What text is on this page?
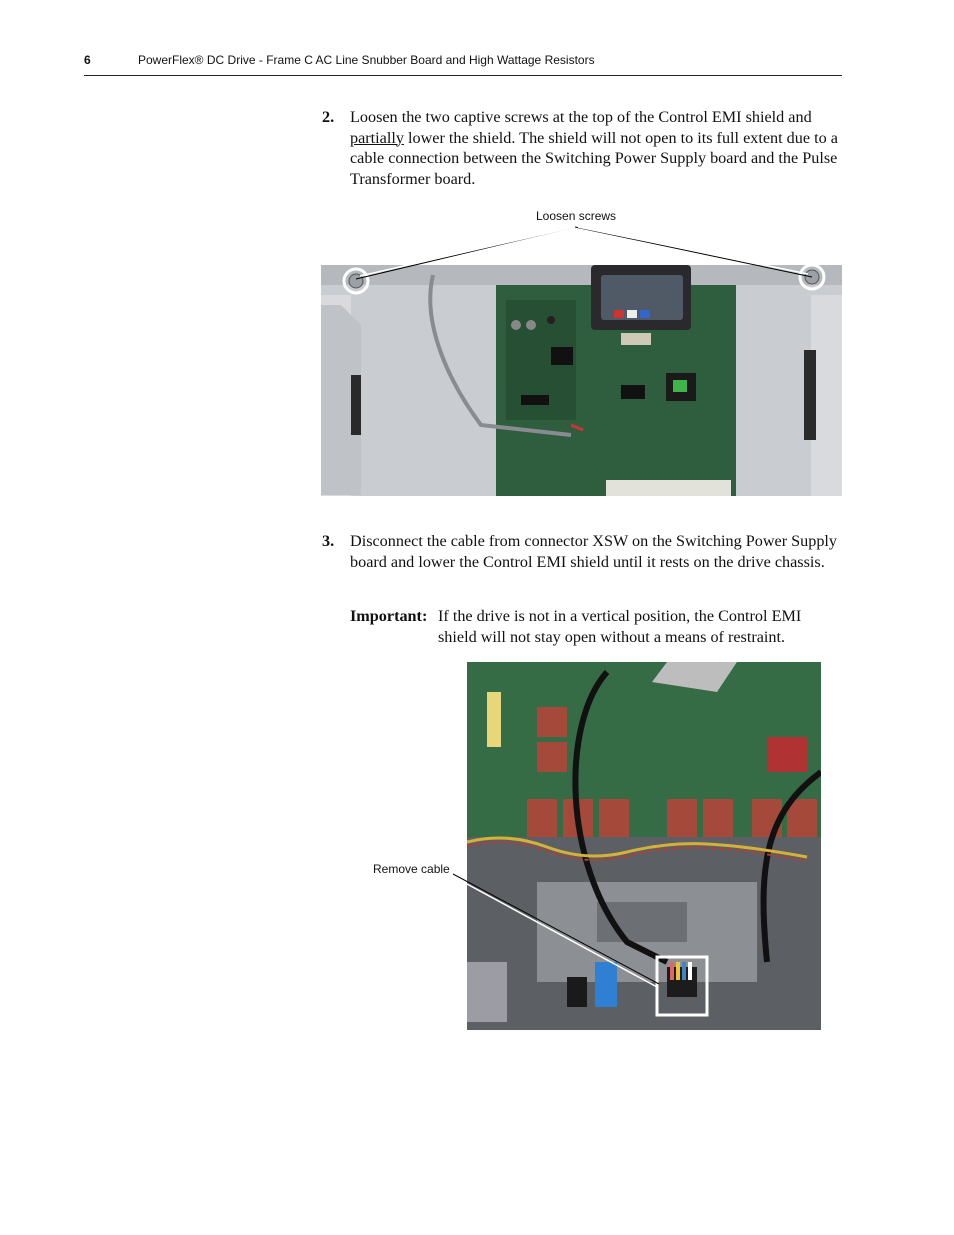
6	PowerFlex® DC Drive - Frame C AC Line Snubber Board and High Wattage Resistors
2. Loosen the two captive screws at the top of the Control EMI shield and partially lower the shield. The shield will not open to its full extent due to a cable connection between the Switching Power Supply board and the Pulse Transformer board.
Loosen screws
3. Disconnect the cable from connector XSW on the Switching Power Supply board and lower the Control EMI shield until it rests on the drive chassis.
Important: If the drive is not in a vertical position, the Control EMI shield will not stay open without a means of restraint.
Remove cable
